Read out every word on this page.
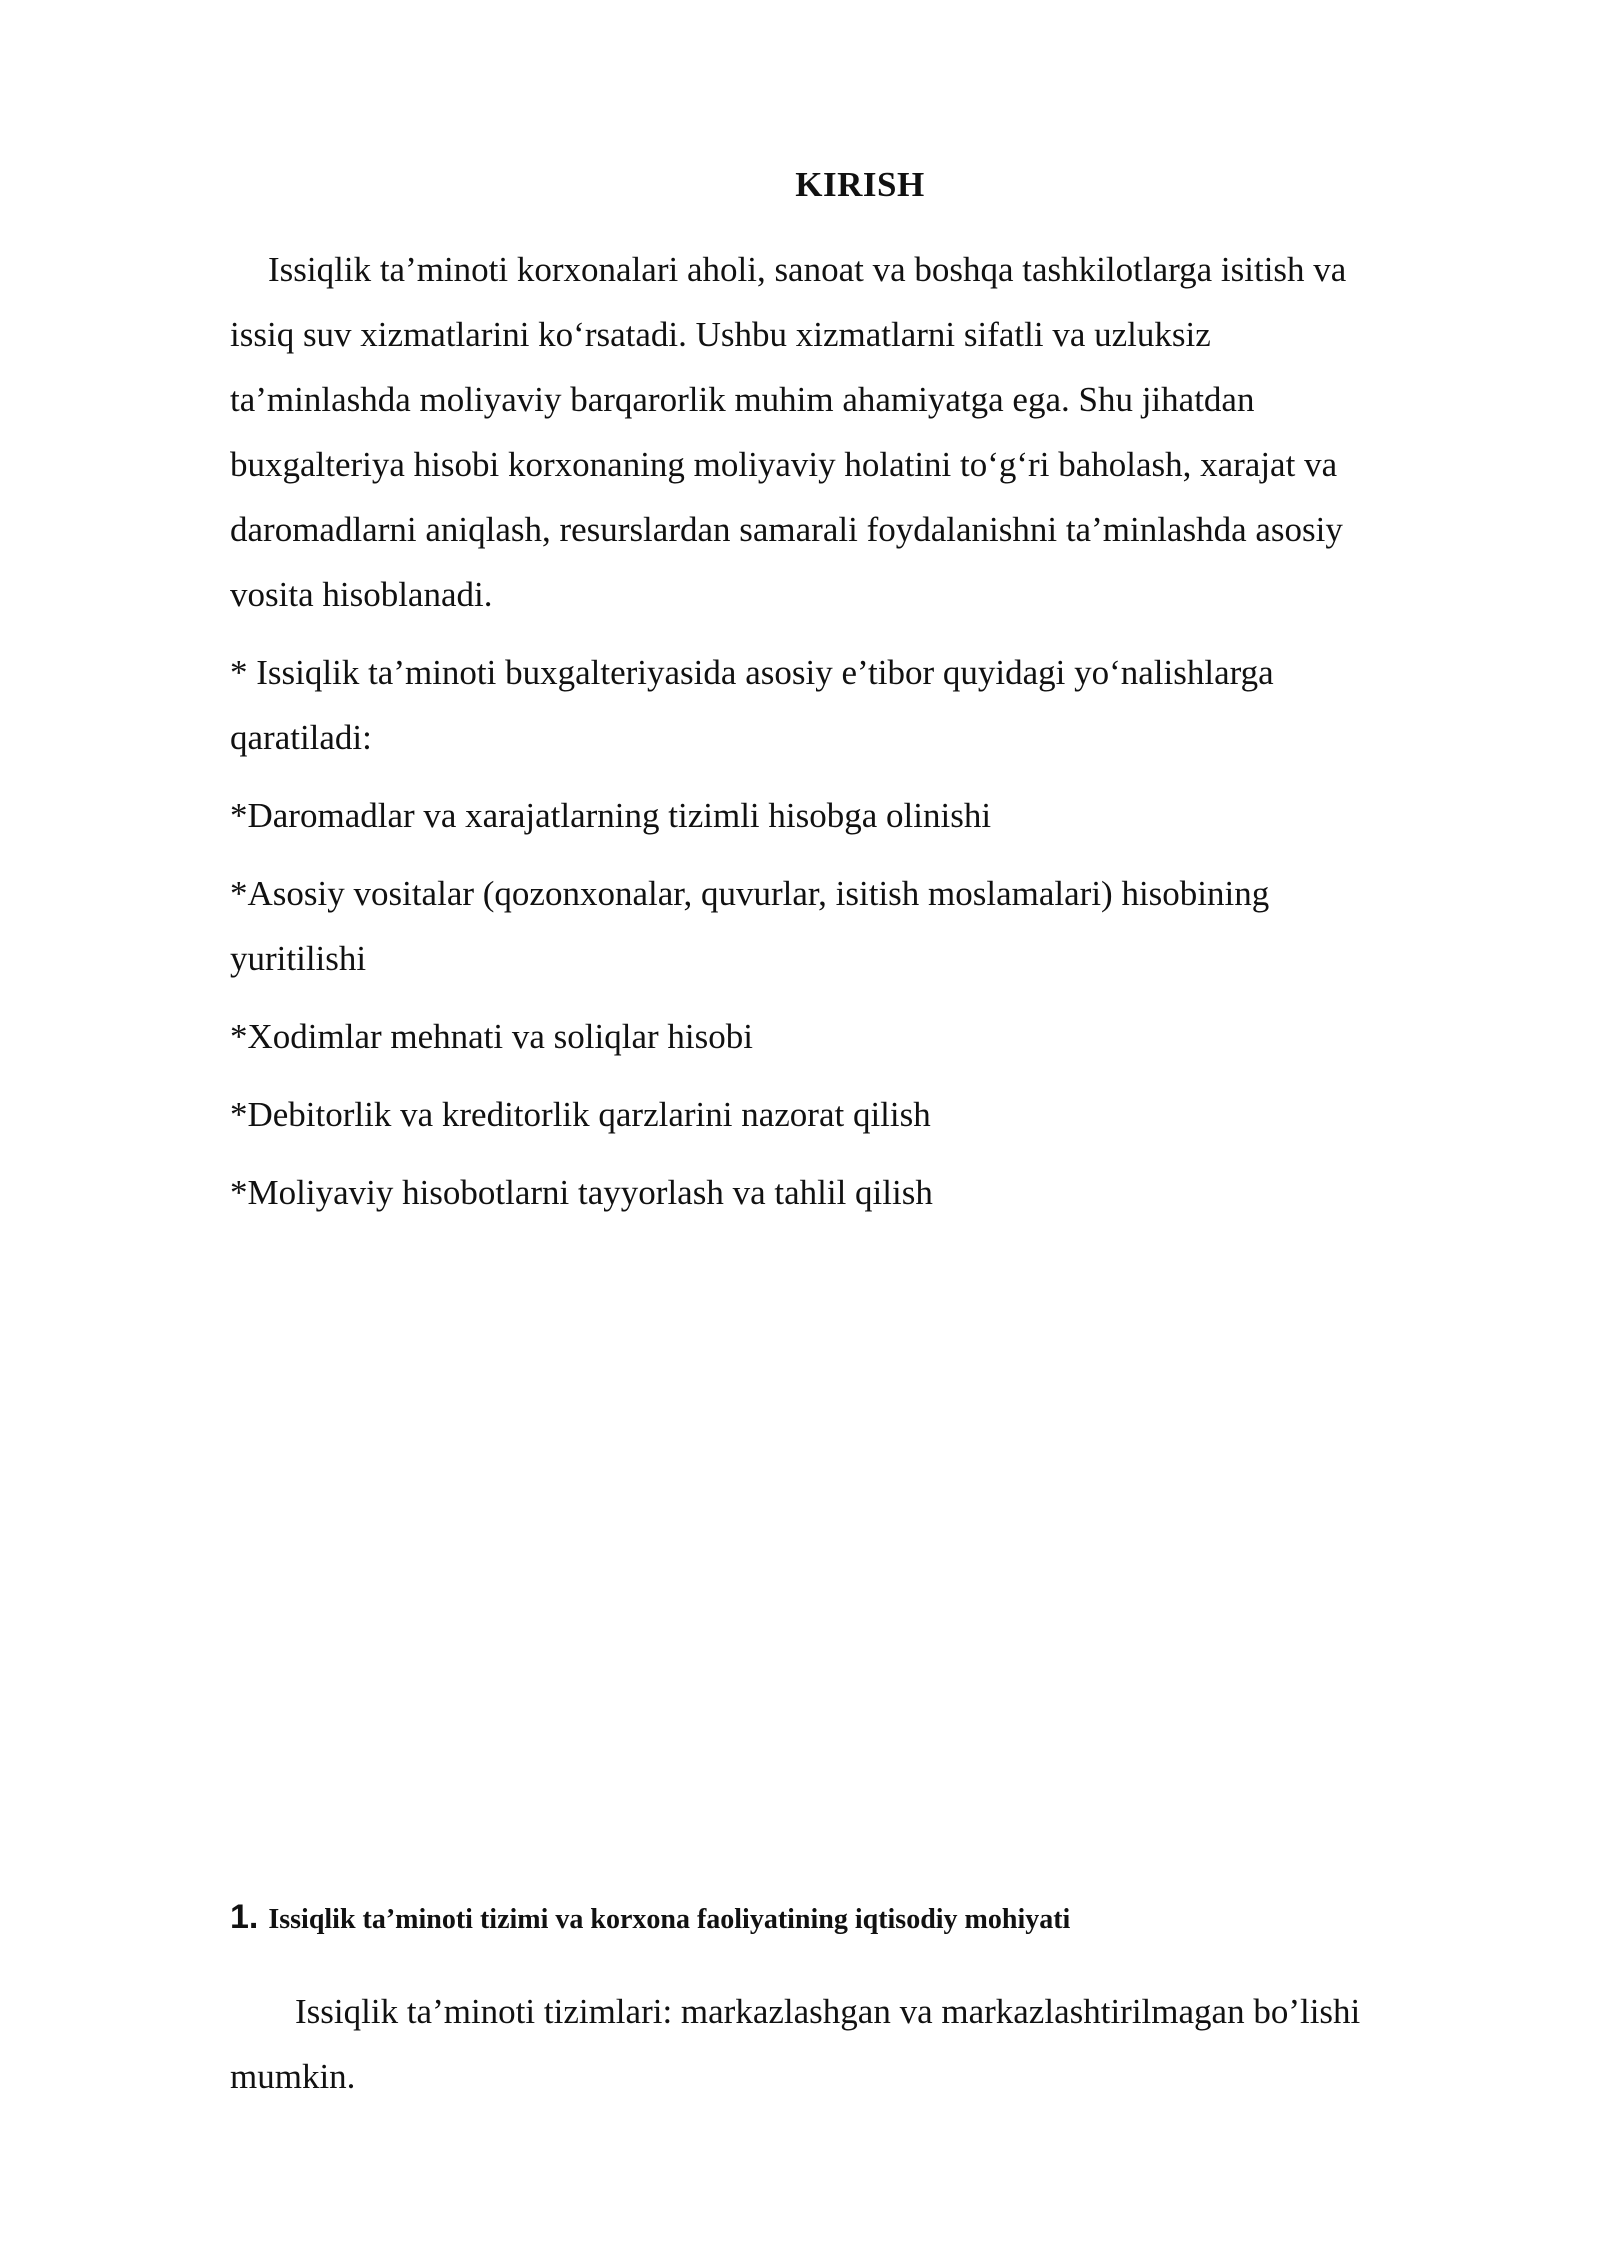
KIRISH

Issiqlik ta’minoti korxonalari aholi, sanoat va boshqa tashkilotlarga isitish va

issiq suv xizmatlarini ko‘rsatadi. Ushbu xizmatlarni sifatli va uzluksiz

ta’minlashda moliyaviy barqarorlik muhim ahamiyatga ega. Shu jihatdan

buxgalteriya hisobi korxonaning moliyaviy holatini to‘g‘ri baholash, xarajat va

daromadlarni aniqlash, resurslardan samarali foydalanishni ta’minlashda asosiy

vosita hisoblanadi.

* Issiqlik ta’minoti buxgalteriyasida asosiy e’tibor quyidagi yo‘nalishlarga

qaratiladi:

*Daromadlar va xarajatlarning tizimli hisobga olinishi

*Asosiy vositalar (qozonxonalar, quvurlar, isitish moslamalari) hisobining

yuritilishi

*Xodimlar mehnati va soliqlar hisobi

*Debitorlik va kreditorlik qarzlarini nazorat qilish

*Moliyaviy hisobotlarni tayyorlash va tahlil qilish

1. Issiqlik ta’minoti tizimi va korxona faoliyatining iqtisodiy mohiyati

Issiqlik ta’minoti tizimlari: markazlashgan va markazlashtirilmagan bo’lishi

mumkin.
